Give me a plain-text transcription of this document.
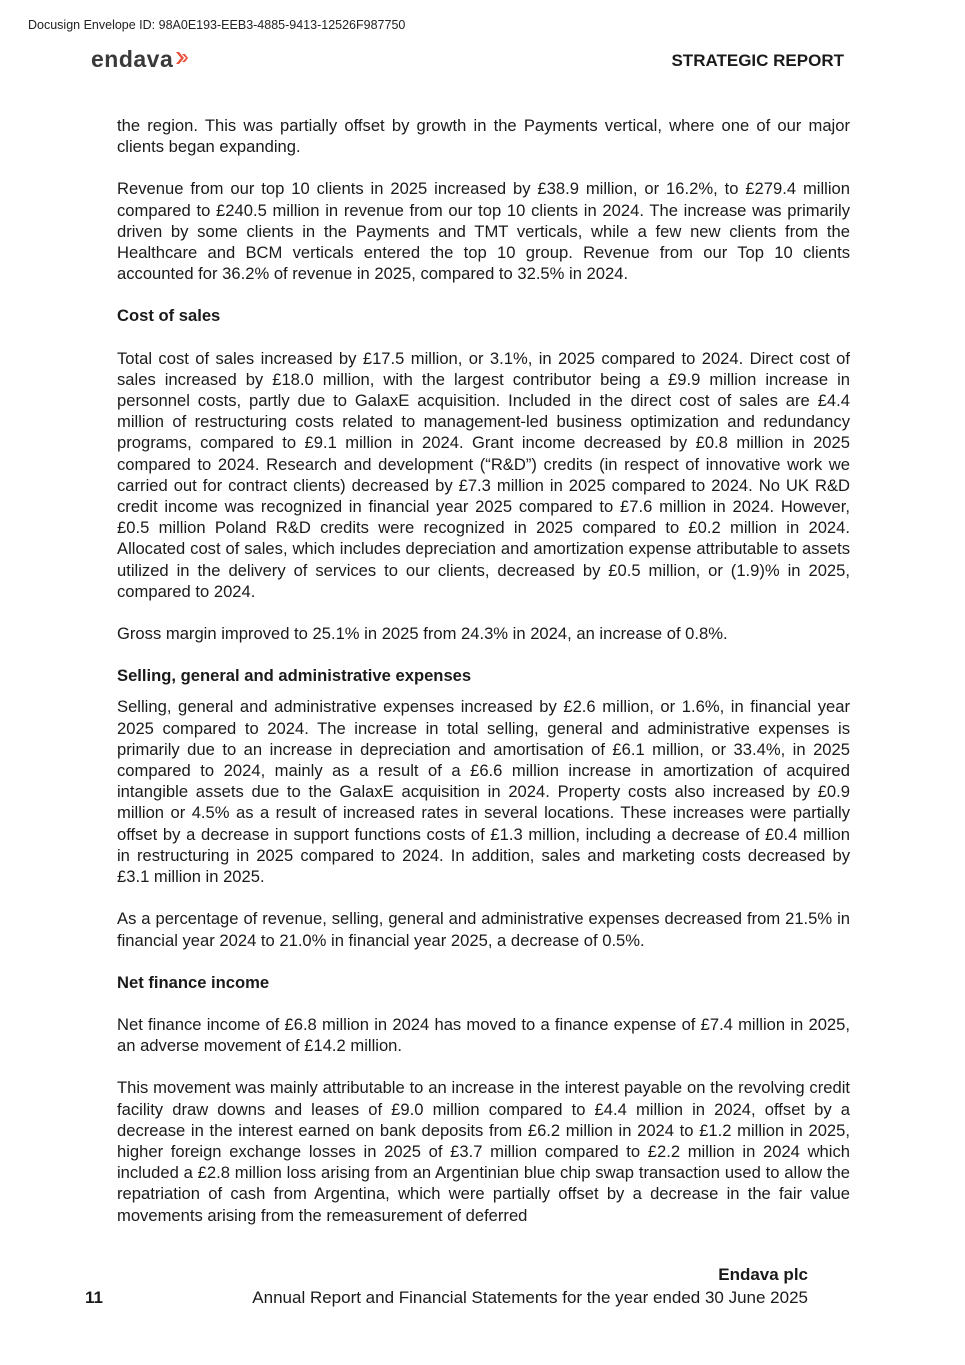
Docusign Envelope ID: 98A0E193-EEB3-4885-9413-12526F987750
endava	STRATEGIC REPORT

the region. This was partially offset by growth in the Payments vertical, where one of our major clients began expanding.

Revenue from our top 10 clients in 2025 increased by £38.9 million, or 16.2%, to £279.4 million compared to £240.5 million in revenue from our top 10 clients in 2024. The increase was primarily driven by some clients in the Payments and TMT verticals, while a few new clients from the Healthcare and BCM verticals entered the top 10 group. Revenue from our Top 10 clients accounted for 36.2% of revenue in 2025, compared to 32.5% in 2024.

Cost of sales

Total cost of sales increased by £17.5 million, or 3.1%, in 2025 compared to 2024. Direct cost of sales increased by £18.0 million, with the largest contributor being a £9.9 million increase in personnel costs, partly due to GalaxE acquisition. Included in the direct cost of sales are £4.4 million of restructuring costs related to management-led business optimization and redundancy programs, compared to £9.1 million in 2024. Grant income decreased by £0.8 million in 2025 compared to 2024. Research and development (“R&D”) credits (in respect of innovative work we carried out for contract clients) decreased by £7.3 million in 2025 compared to 2024. No UK R&D credit income was recognized in financial year 2025 compared to £7.6 million in 2024. However, £0.5 million Poland R&D credits were recognized in 2025 compared to £0.2 million in 2024. Allocated cost of sales, which includes depreciation and amortization expense attributable to assets utilized in the delivery of services to our clients, decreased by £0.5 million, or (1.9)% in 2025, compared to 2024.

Gross margin improved to 25.1% in 2025 from 24.3% in 2024, an increase of 0.8%.

Selling, general and administrative expenses

Selling, general and administrative expenses increased by £2.6 million, or 1.6%, in financial year 2025 compared to 2024. The increase in total selling, general and administrative expenses is primarily due to an increase in depreciation and amortisation of £6.1 million, or 33.4%, in 2025 compared to 2024, mainly as a result of a £6.6 million increase in amortization of acquired intangible assets due to the GalaxE acquisition in 2024. Property costs also increased by £0.9 million or 4.5% as a result of increased rates in several locations. These increases were partially offset by a decrease in support functions costs of £1.3 million, including a decrease of £0.4 million in restructuring in 2025 compared to 2024. In addition, sales and marketing costs decreased by £3.1 million in 2025.

As a percentage of revenue, selling, general and administrative expenses decreased from 21.5% in financial year 2024 to 21.0% in financial year 2025, a decrease of 0.5%.

Net finance income

Net finance income of £6.8 million in 2024 has moved to a finance expense of £7.4 million in 2025, an adverse movement of £14.2 million.

This movement was mainly attributable to an increase in the interest payable on the revolving credit facility draw downs and leases of £9.0 million compared to £4.4 million in 2024, offset by a decrease in the interest earned on bank deposits from £6.2 million in 2024 to £1.2 million in 2025, higher foreign exchange losses in 2025 of £3.7 million compared to £2.2 million in 2024 which included a £2.8 million loss arising from an Argentinian blue chip swap transaction used to allow the repatriation of cash from Argentina, which were partially offset by a decrease in the fair value movements arising from the remeasurement of deferred

Endava plc
11	Annual Report and Financial Statements for the year ended 30 June 2025
